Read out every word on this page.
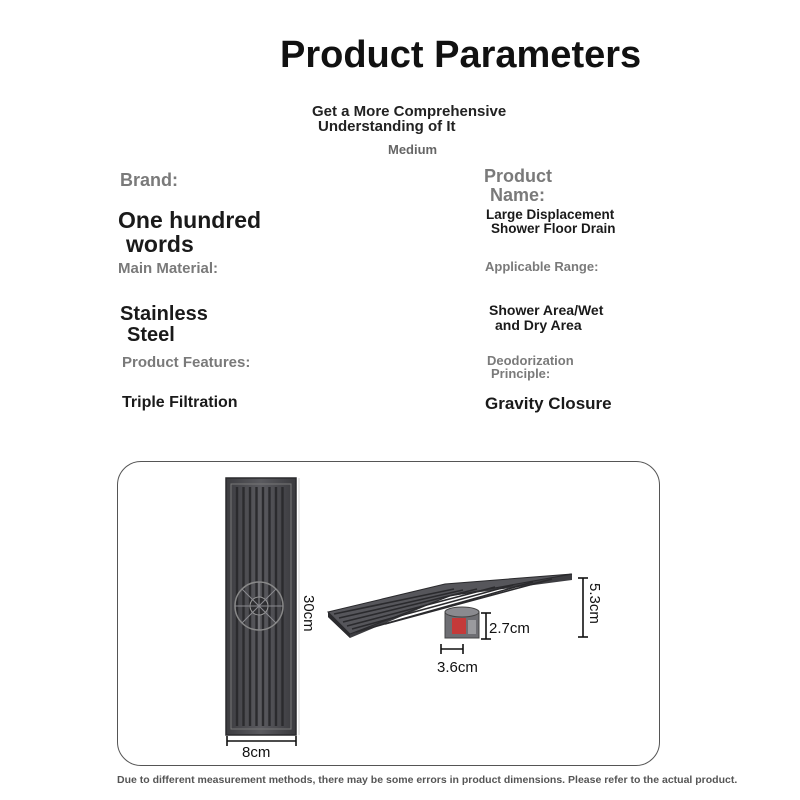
Product Parameters
Get a More Comprehensive
Understanding of It
Medium
Brand:
One hundred
words
Main Material:
Stainless
Steel
Product Features:
Triple Filtration
Product
Name:
Large Displacement
Shower Floor Drain
Applicable Range:
Shower Area/Wet
and Dry Area
Deodorization
Principle:
Gravity Closure
30cm
8cm
5.3cm
2.7cm
3.6cm
Due to different measurement methods, there may be some errors in product dimensions. Please refer to the actual product.
